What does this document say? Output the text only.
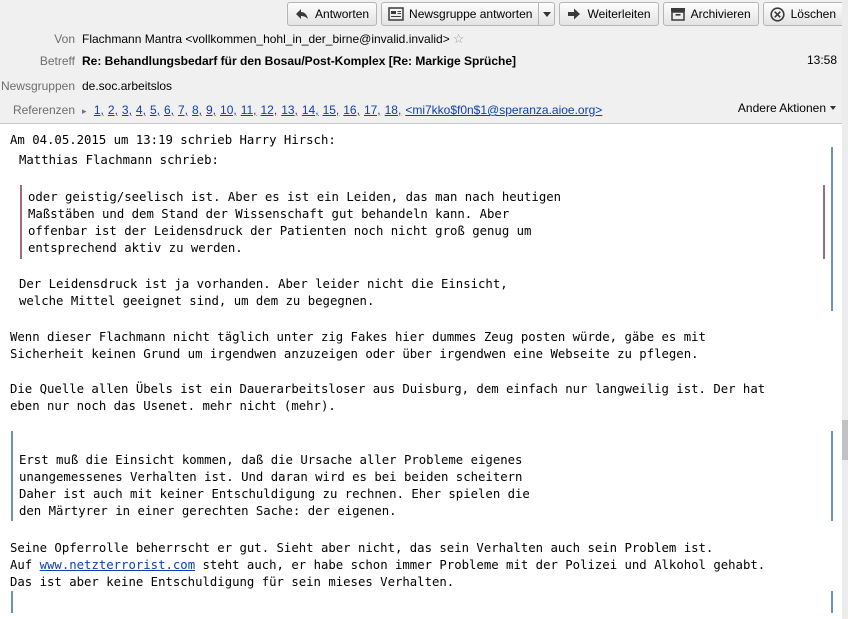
Antworten	Newsgruppe antworten	Weiterleiten	Archivieren	Löschen
Von Flachmann Mantra <vollkommen_hohl_in_der_birne@invalid.invalid> ☆
Betreff Re: Behandlungsbedarf für den Bosau/Post-Komplex [Re: Markige Sprüche]	13:58
Newsgruppen de.soc.arbeitslos
Referenzen ▸ 1, 2, 3, 4, 5, 6, 7, 8, 9, 10, 11, 12, 13, 14, 15, 16, 17, 18, <mi7kko$f0n$1@speranza.aioe.org>	Andere Aktionen
Am 04.05.2015 um 13:19 schrieb Harry Hirsch:
Matthias Flachmann schrieb:
oder geistig/seelisch ist. Aber es ist ein Leiden, das man nach heutigen
Maßstäben und dem Stand der Wissenschaft gut behandeln kann. Aber
offenbar ist der Leidensdruck der Patienten noch nicht groß genug um
entsprechend aktiv zu werden.
Der Leidensdruck ist ja vorhanden. Aber leider nicht die Einsicht,
welche Mittel geeignet sind, um dem zu begegnen.
Wenn dieser Flachmann nicht täglich unter zig Fakes hier dummes Zeug posten würde, gäbe es mit
Sicherheit keinen Grund um irgendwen anzuzeigen oder über irgendwen eine Webseite zu pflegen.
Die Quelle allen Übels ist ein Dauerarbeitsloser aus Duisburg, dem einfach nur langweilig ist. Der hat
eben nur noch das Usenet. mehr nicht (mehr).
Erst muß die Einsicht kommen, daß die Ursache aller Probleme eigenes
unangemessenes Verhalten ist. Und daran wird es bei beiden scheitern
Daher ist auch mit keiner Entschuldigung zu rechnen. Eher spielen die
den Märtyrer in einer gerechten Sache: der eigenen.
Seine Opferrolle beherrscht er gut. Sieht aber nicht, das sein Verhalten auch sein Problem ist.
Auf www.netzterrorist.com steht auch, er habe schon immer Probleme mit der Polizei und Alkohol gehabt.
Das ist aber keine Entschuldigung für sein mieses Verhalten.
